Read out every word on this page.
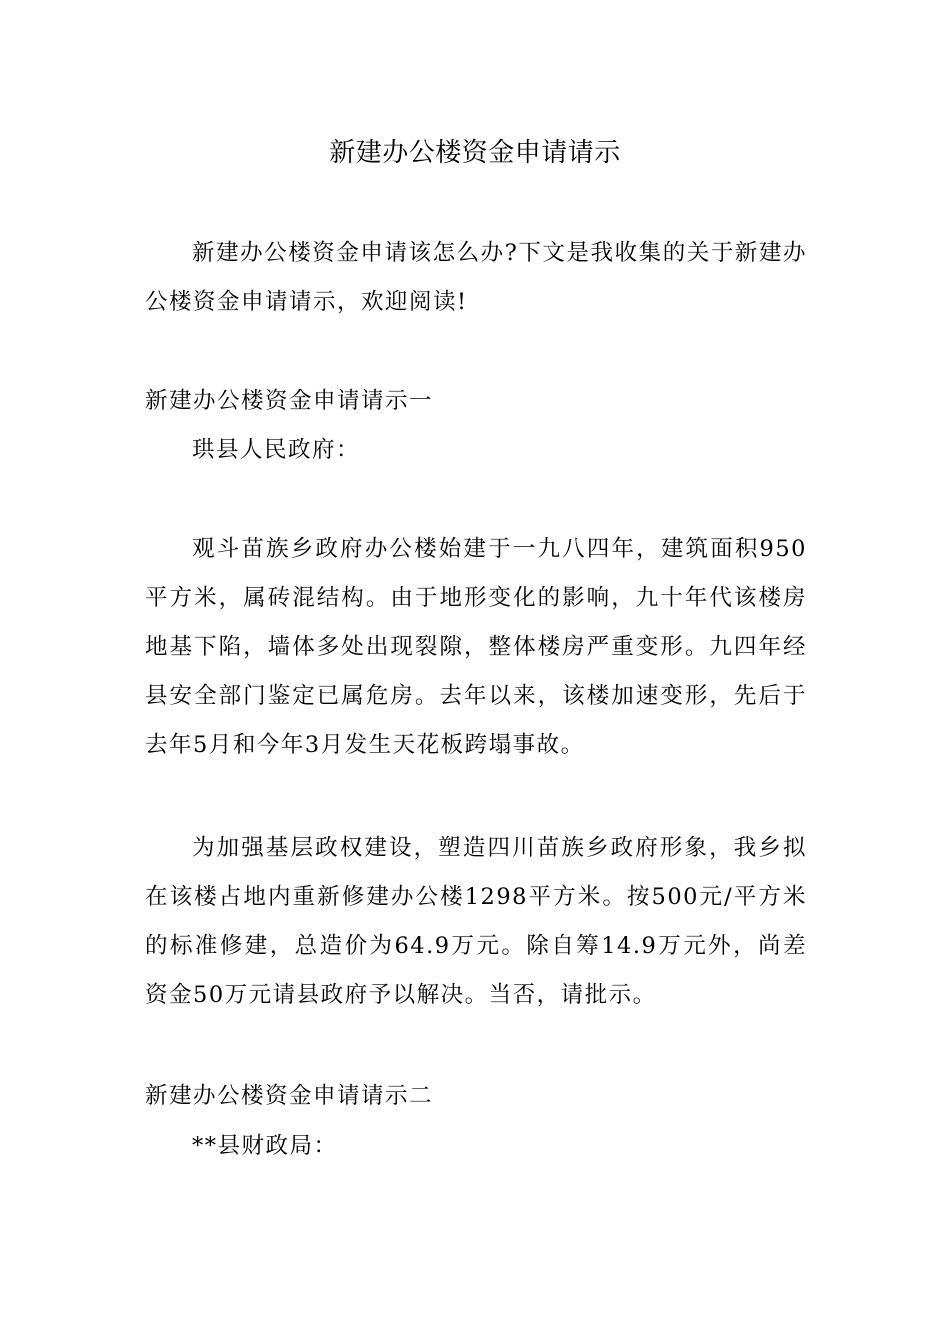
新建办公楼资金申请请示

新建办公楼资金申请该怎么办?下文是我收集的关于新建办公楼资金申请请示，欢迎阅读!

新建办公楼资金申请请示一

珙县人民政府：

观斗苗族乡政府办公楼始建于一九八四年，建筑面积950平方米，属砖混结构。由于地形变化的影响，九十年代该楼房地基下陷，墙体多处出现裂隙，整体楼房严重变形。九四年经县安全部门鉴定已属危房。去年以来，该楼加速变形，先后于去年5月和今年3月发生天花板跨塌事故。

为加强基层政权建设，塑造四川苗族乡政府形象，我乡拟在该楼占地内重新修建办公楼1298平方米。按500元/平方米的标准修建，总造价为64.9万元。除自筹14.9万元外，尚差资金50万元请县政府予以解决。当否，请批示。

新建办公楼资金申请请示二

**县财政局：
